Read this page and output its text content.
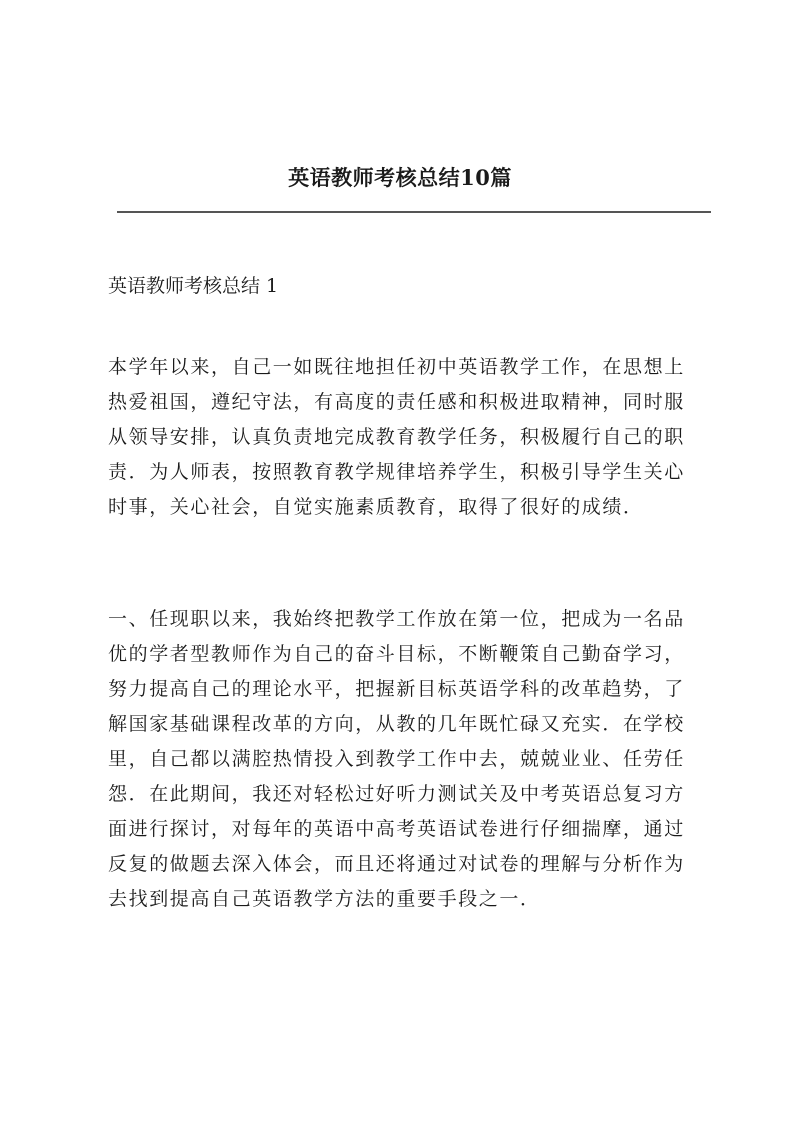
英语教师考核总结10篇
英语教师考核总结 1

本学年以来，自己一如既往地担任初中英语教学工作，在思想上
热爱祖国，遵纪守法，有高度的责任感和积极进取精神，同时服
从领导安排，认真负责地完成教育教学任务，积极履行自己的职
责．为人师表，按照教育教学规律培养学生，积极引导学生关心
时事，关心社会，自觉实施素质教育，取得了很好的成绩．

一、任现职以来，我始终把教学工作放在第一位，把成为一名品
优的学者型教师作为自己的奋斗目标，不断鞭策自己勤奋学习，
努力提高自己的理论水平，把握新目标英语学科的改革趋势，了
解国家基础课程改革的方向，从教的几年既忙碌又充实．在学校
里，自己都以满腔热情投入到教学工作中去，兢兢业业、任劳任
怨．在此期间，我还对轻松过好听力测试关及中考英语总复习方
面进行探讨，对每年的英语中高考英语试卷进行仔细揣摩，通过
反复的做题去深入体会，而且还将通过对试卷的理解与分析作为
去找到提高自己英语教学方法的重要手段之一．
